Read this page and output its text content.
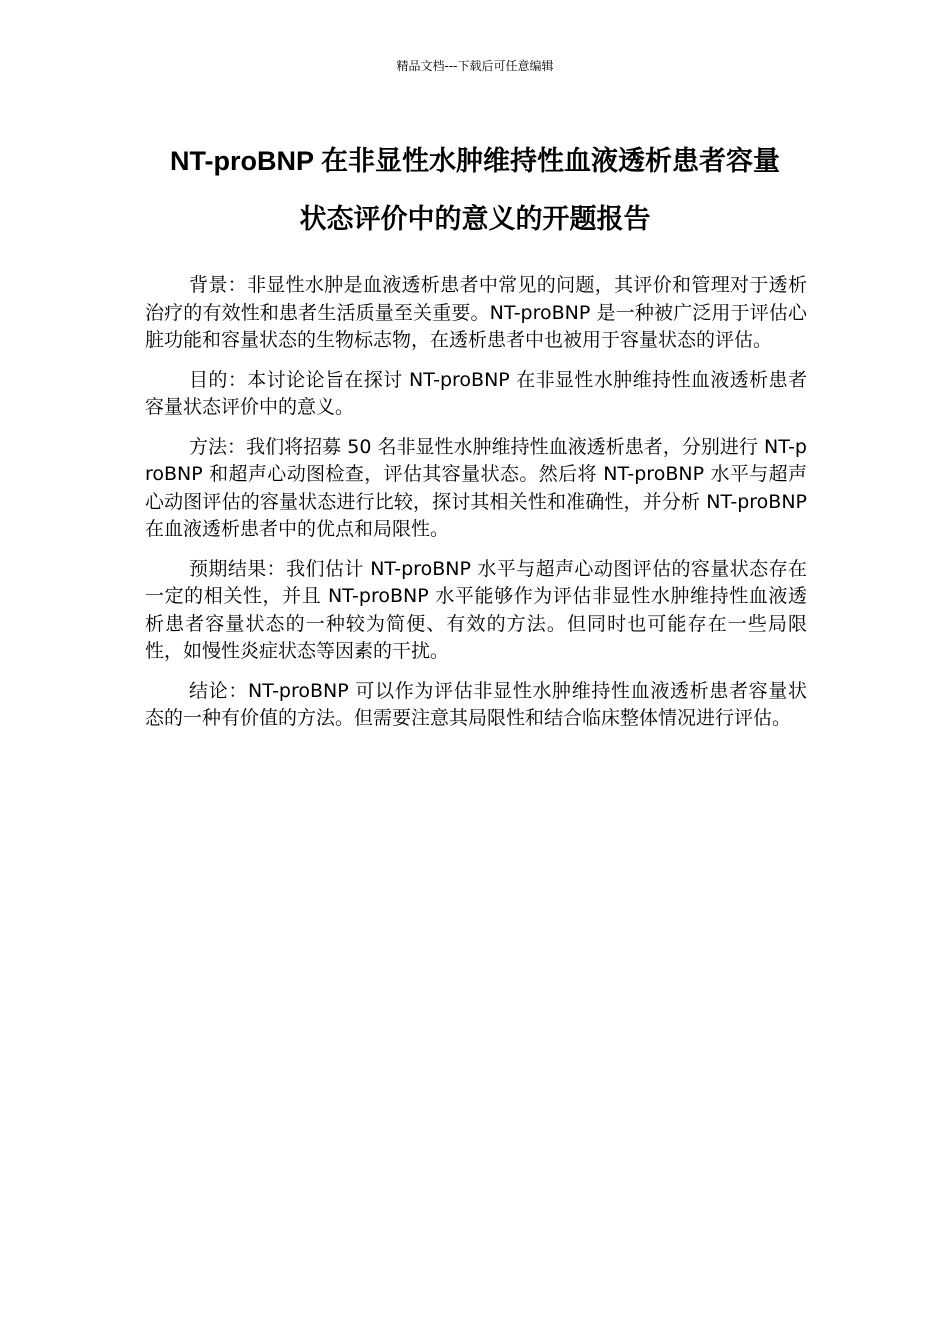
精品文档---下载后可任意编辑
NT-proBNP 在非显性水肿维持性血液透析患者容量
状态评价中的意义的开题报告

背景：非显性水肿是血液透析患者中常见的问题，其评价和管理对于透析治疗的有效性和患者生活质量至关重要。NT-proBNP 是一种被广泛用于评估心脏功能和容量状态的生物标志物，在透析患者中也被用于容量状态的评估。

目的：本讨论论旨在探讨 NT-proBNP 在非显性水肿维持性血液透析患者容量状态评价中的意义。

方法：我们将招募 50 名非显性水肿维持性血液透析患者，分别进行 NT-proBNP 和超声心动图检查，评估其容量状态。然后将 NT-proBNP 水平与超声心动图评估的容量状态进行比较，探讨其相关性和准确性，并分析 NT-proBNP 在血液透析患者中的优点和局限性。

预期结果：我们估计 NT-proBNP 水平与超声心动图评估的容量状态存在一定的相关性，并且 NT-proBNP 水平能够作为评估非显性水肿维持性血液透析患者容量状态的一种较为简便、有效的方法。但同时也可能存在一些局限性，如慢性炎症状态等因素的干扰。

结论：NT-proBNP 可以作为评估非显性水肿维持性血液透析患者容量状态的一种有价值的方法。但需要注意其局限性和结合临床整体情况进行评估。
